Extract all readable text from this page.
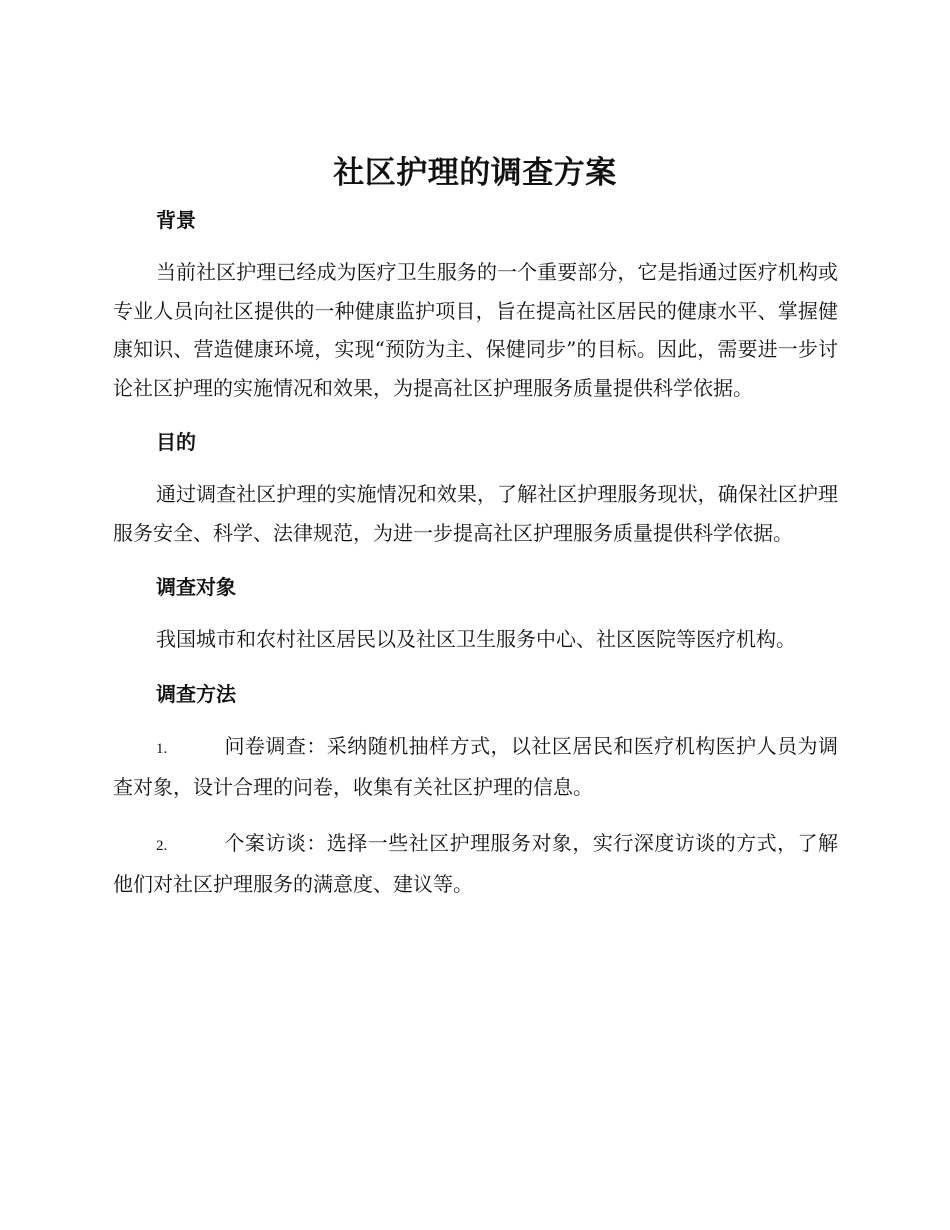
社区护理的调查方案
背景

当前社区护理已经成为医疗卫生服务的一个重要部分，它是指通过医疗机构或专业人员向社区提供的一种健康监护项目，旨在提高社区居民的健康水平、掌握健康知识、营造健康环境，实现“预防为主、保健同步”的目标。因此，需要进一步讨论社区护理的实施情况和效果，为提高社区护理服务质量提供科学依据。

目的

通过调查社区护理的实施情况和效果，了解社区护理服务现状，确保社区护理服务安全、科学、法律规范，为进一步提高社区护理服务质量提供科学依据。

调查对象

我国城市和农村社区居民以及社区卫生服务中心、社区医院等医疗机构。

调查方法

1.	问卷调查：采纳随机抽样方式，以社区居民和医疗机构医护人员为调查对象，设计合理的问卷，收集有关社区护理的信息。

2.	个案访谈：选择一些社区护理服务对象，实行深度访谈的方式，了解他们对社区护理服务的满意度、建议等。
